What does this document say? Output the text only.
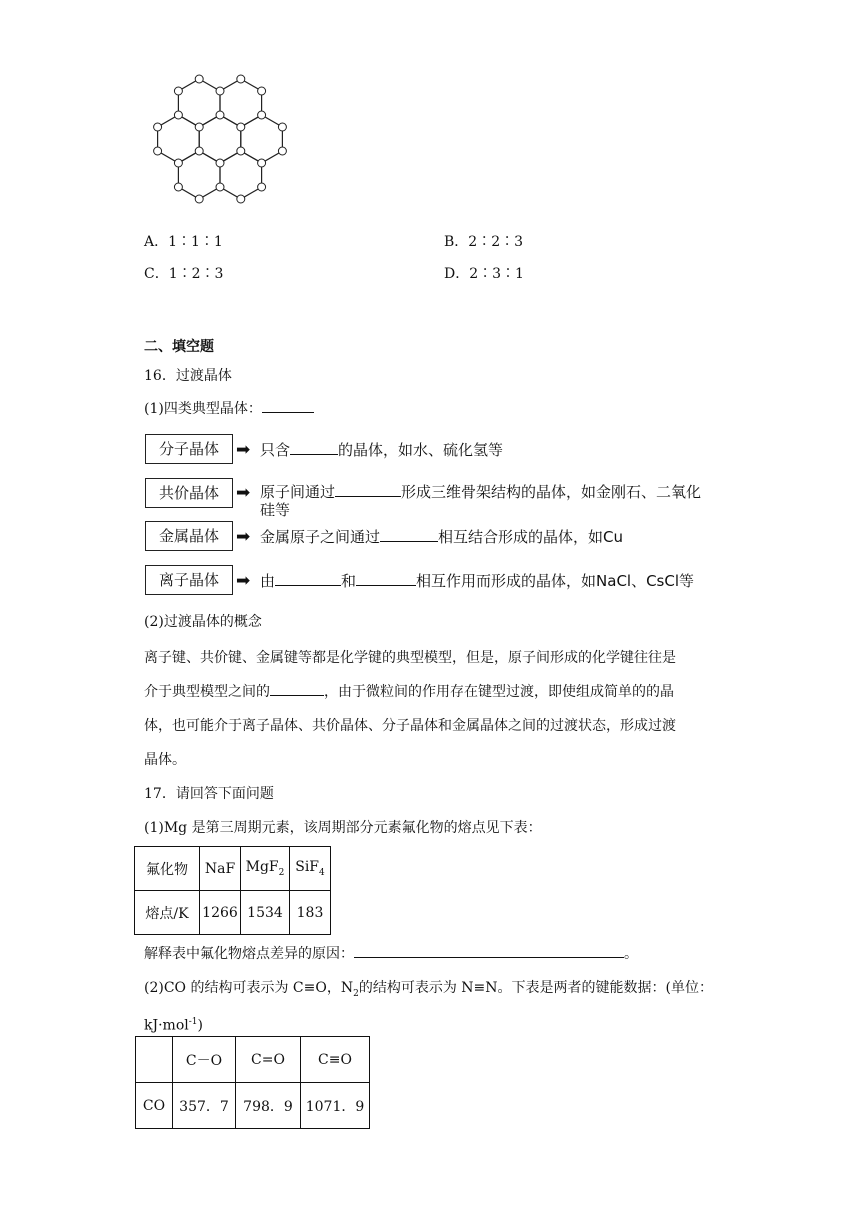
A．1∶1∶1	B．2∶2∶3
C．1∶2∶3	D．2∶3∶1
二、填空题
16．过渡晶体
(1)四类典型晶体：
分子晶体	➡ 只含	的晶体，如水、硫化氢等
共价晶体	➡ 原子间通过	形成三维骨架结构的晶体，如金刚石、二氧化
硅等
金属晶体	➡ 金属原子之间通过	相互结合形成的晶体，如Cu
离子晶体	➡ 由	和	相互作用而形成的晶体，如NaCl、CsCl等
(2)过渡晶体的概念
离子键、共价键、金属键等都是化学键的典型模型，但是，原子间形成的化学键往往是
介于典型模型之间的	，由于微粒间的作用存在键型过渡，即使组成简单的的晶
体，也可能介于离子晶体、共价晶体、分子晶体和金属晶体之间的过渡状态，形成过渡
晶体。
17．请回答下面问题
(1)Mg 是第三周期元素，该周期部分元素氟化物的熔点见下表：
氟化物	NaF	MgF$_2$	SiF$_4$
熔点/K	1266	1534	183
解释表中氟化物熔点差异的原因：	。
(2)CO 的结构可表示为 C≡O，$N_2$的结构可表示为 N≡N。下表是两者的键能数据：(单位：
kJ·mol$^{-1}$)
	C－O	C=O	C≡O
CO	357．7	798．9	1071．9
